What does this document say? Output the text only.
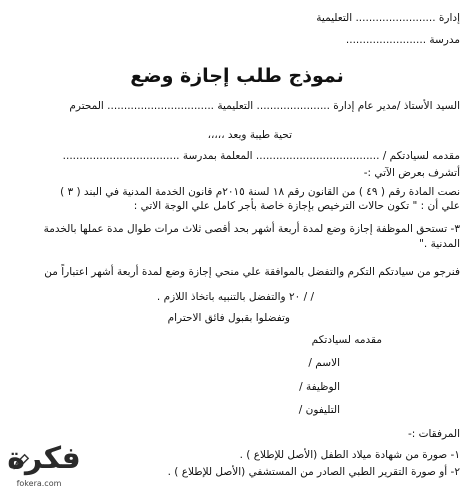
إدارة ........................ التعليمية
مدرسة ........................
نموذج طلب إجازة وضع
السيد الأستاذ /مدير عام إدارة ...................... التعليمية ................................ المحترم
تحية طيبة وبعد ،،،،،
مقدمه لسيادتكم / ..................................... المعلمة بمدرسة ...................................
أتشرف بعرض الآتي :-
نصت المادة رقم ( ٤٩ ) من القانون رقم ١٨ لسنة ٢٠١٥م قانون الخدمة المدنية في البند ( ٣ )
علي أن : " تكون حالات الترخيص بإجازة خاصة بأجر كامل علي الوجة الاتي :
٣- تستحق الموظفة إجازة وضع لمدة أربعة أشهر بحد أقصى ثلاث مرات طوال مدة عملها بالخدمة
المدنية ."
فنرجو من سيادتكم التكرم والتفضل بالموافقة علي منحي إجازة وضع لمدة أربعة أشهر اعتباراً من
/ / ٢٠ والتفضل بالتنبيه باتخاذ اللازم .
وتفضلوا بقبول فائق الاحترام
مقدمه لسيادتكم
الاسم /
الوظيفة /
التليفون /
المرفقات :-
١- صورة من شهادة ميلاد الطفل (الأصل للإطلاع ) .
٢- أو صورة التقرير الطبي الصادر من المستشفي (الأصل للإطلاع ) .
فكرة
fokera.com
